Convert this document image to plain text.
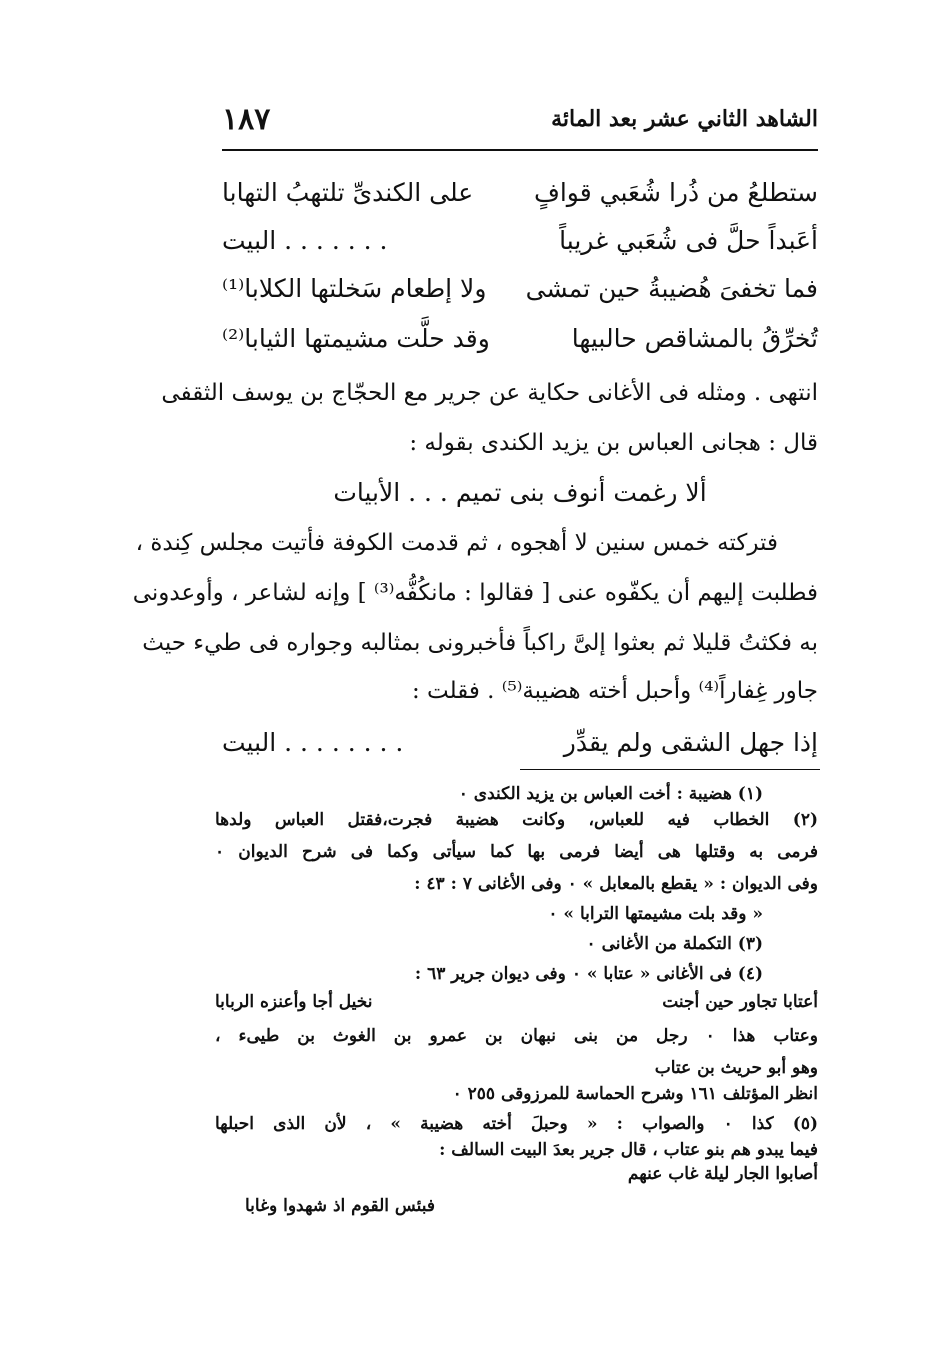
الشاهد الثاني عشر بعد المائة
١٨٧
ستطلعُ من ذُرا شُعَبي قوافٍ
على الكندىِّ تلتهبُ التهابا
أعَبداً حلَّ فى شُعَبي غريباً
. . . . . . . البيت
فما تخفىَ هُضيبةُ حين تمشى
ولا إطعام سَخلتها الكلابا⁽¹⁾
تُخرِّقُ بالمشاقص حالبيها
وقد حلَّت مشيمتها الثيابا⁽²⁾
انتهى . ومثله فى الأغانى حكاية عن جرير مع الحجّاج بن يوسف الثقفى
قال : هجانى العباس بن يزيد الكندى بقوله :
ألا رغمت أنوف بنى تميم . . . الأبيات
فتركته خمس سنين لا أهجوه ، ثم قدمت الكوفة فأتيت مجلس كِندة ،
فطلبت إليهم أن يكفّوه عنى [ فقالوا : مانكُفُّه⁽³⁾ ] وإنه لشاعر ، وأوعدونى
به فكثتُ قليلا ثم بعثوا إلىَّ راكباً فأخبرونى بمثالبه وجواره فى طيء حيث
جاور غِفاراً⁽⁴⁾ وأحبل أخته هضيبة⁽⁵⁾ . فقلت :
إذا جهل الشقى ولم يقدِّر
. . . . . . . . البيت
(١) هضيبة : أخت العباس بن يزيد الكندى ٠
(٢) الخطاب فيه للعباس، وكانت هضيبة فجرت،فقتل العباس ولدها
فرمى به وقتلها هى أيضا فرمى بها كما سيأتى وكما فى شرح الديوان ٠
وفى الديوان : « يقطع بالمعابل » ٠ وفى الأغانى ٧ : ٤٣ :
« وقد بلت مشيمتها الترابا » ٠
(٣) التكملة من الأغانى ٠
(٤) فى الأغانى « عتابا » ٠ وفى ديوان جرير ٦٣ :
أعتابا تجاور حين أجنت
نخيل أجا وأعنزه الربابا
وعتاب هذا ٠ رجل من بنى نبهان بن عمرو بن الغوث بن طيىء ،
وهو أبو حريث بن عتاب
انظر المؤتلف ١٦١ وشرح الحماسة للمرزوقى ٢٥٥ ٠
(٥) كذا ٠ والصواب : « وحبلَ أخته هضيبة » ، لأن الذى احبلها
فيما يبدو هم بنو عتاب ، قال جرير بعدَ البيت السالف :
أصابوا الجار ليلة غاب عنهم
فبئس القوم اذ شهدوا وغابا
